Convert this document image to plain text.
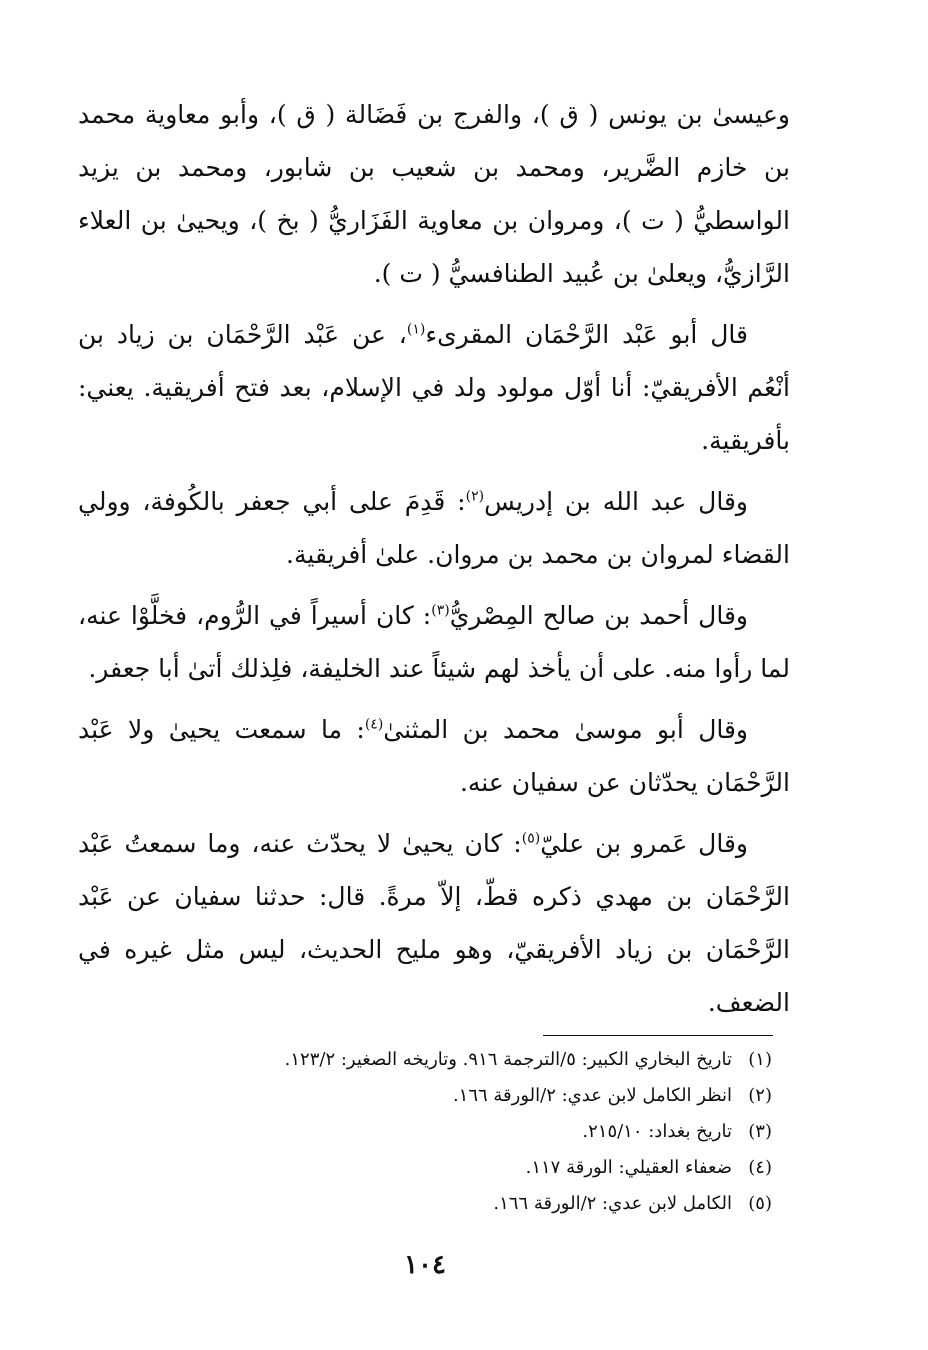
وعيسىٰ بن يونس ( ق )، والفرج بن فَضَالة ( ق )، وأبو معاوية محمد بن خازم الضَّرير، ومحمد بن شعيب بن شابور، ومحمد بن يزيد الواسطيُّ ( ت )، ومروان بن معاوية الفَزَاريُّ ( بخ )، ويحيىٰ بن العلاء الرَّازيُّ، ويعلىٰ بن عُبيد الطنافسيُّ ( ت ).

قال أبو عَبْد الرَّحْمَان المقرىء$^{(١)}$، عن عَبْد الرَّحْمَان بن زياد بن أنْعُم الأفريقيّ: أنا أوّل مولود ولد في الإسلام، بعد فتح أفريقية. يعني: بأفريقية.

وقال عبد الله بن إدريس$^{(٢)}$: قَدِمَ على أبي جعفر بالكُوفة، وولي القضاء لمروان بن محمد بن مروان. علىٰ أفريقية.

وقال أحمد بن صالح المِصْريُّ$^{(٣)}$: كان أسيراً في الرُّوم، فخلَّوْا عنه، لما رأوا منه. على أن يأخذ لهم شيئاً عند الخليفة، فلِذلك أتىٰ أبا جعفر.

وقال أبو موسىٰ محمد بن المثنىٰ$^{(٤)}$: ما سمعت يحيىٰ ولا عَبْد الرَّحْمَان يحدّثان عن سفيان عنه.

وقال عَمرو بن عليّ$^{(٥)}$: كان يحيىٰ لا يحدّث عنه، وما سمعتُ عَبْد الرَّحْمَان بن مهدي ذكره قطّ، إلاّ مرةً. قال: حدثنا سفيان عن عَبْد الرَّحْمَان بن زياد الأفريقيّ، وهو مليح الحديث، ليس مثل غيره في الضعف.

(١)
تاريخ البخاري الكبير: ٥/الترجمة ٩١٦. وتاريخه الصغير: ١٢٣/٢.
(٢)
انظر الكامل لابن عدي: ٢/الورقة ١٦٦.
(٣)
تاريخ بغداد: ٢١٥/١٠.
(٤)
ضعفاء العقيلي: الورقة ١١٧.
(٥)
الكامل لابن عدي: ٢/الورقة ١٦٦.
١٠٤
